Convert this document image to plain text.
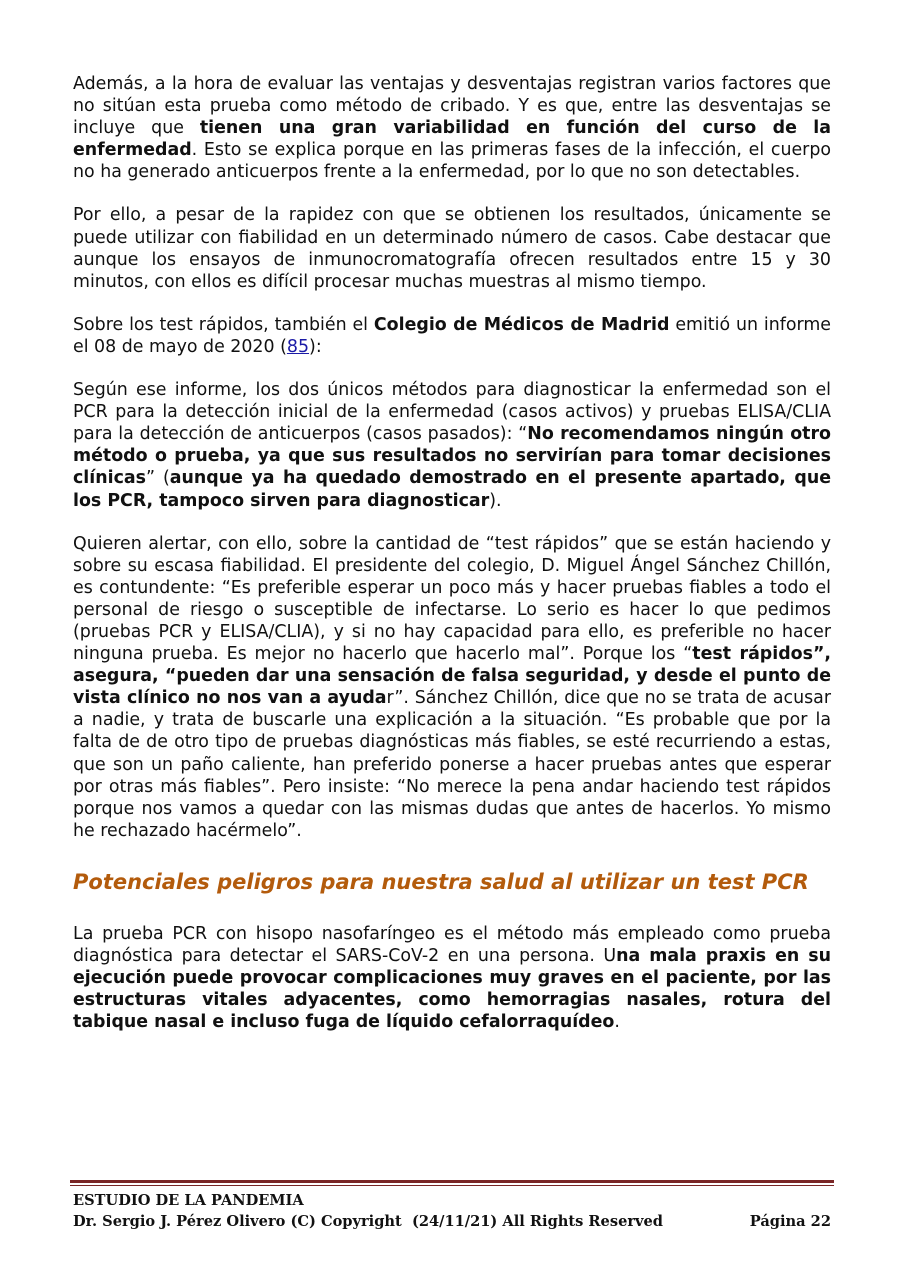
Además, a la hora de evaluar las ventajas y desventajas registran varios factores que no sitúan esta prueba como método de cribado. Y es que, entre las desventajas se incluye que tienen una gran variabilidad en función del curso de la enfermedad. Esto se explica porque en las primeras fases de la infección, el cuerpo no ha generado anticuerpos frente a la enfermedad, por lo que no son detectables.

Por ello, a pesar de la rapidez con que se obtienen los resultados, únicamente se puede utilizar con fiabilidad en un determinado número de casos. Cabe destacar que aunque los ensayos de inmunocromatografía ofrecen resultados entre 15 y 30 minutos, con ellos es difícil procesar muchas muestras al mismo tiempo.

Sobre los test rápidos, también el Colegio de Médicos de Madrid emitió un informe el 08 de mayo de 2020 (85):

Según ese informe, los dos únicos métodos para diagnosticar la enfermedad son el PCR para la detección inicial de la enfermedad (casos activos) y pruebas ELISA/CLIA para la detección de anticuerpos (casos pasados): “No recomendamos ningún otro método o prueba, ya que sus resultados no servirían para tomar decisiones clínicas” (aunque ya ha quedado demostrado en el presente apartado, que los PCR, tampoco sirven para diagnosticar).

Quieren alertar, con ello, sobre la cantidad de “test rápidos” que se están haciendo y sobre su escasa fiabilidad. El presidente del colegio, D. Miguel Ángel Sánchez Chillón, es contundente: “Es preferible esperar un poco más y hacer pruebas fiables a todo el personal de riesgo o susceptible de infectarse. Lo serio es hacer lo que pedimos (pruebas PCR y ELISA/CLIA), y si no hay capacidad para ello, es preferible no hacer ninguna prueba. Es mejor no hacerlo que hacerlo mal”. Porque los “test rápidos”, asegura, “pueden dar una sensación de falsa seguridad, y desde el punto de vista clínico no nos van a ayudar”. Sánchez Chillón, dice que no se trata de acusar a nadie, y trata de buscarle una explicación a la situación. “Es probable que por la falta de de otro tipo de pruebas diagnósticas más fiables, se esté recurriendo a estas, que son un paño caliente, han preferido ponerse a hacer pruebas antes que esperar por otras más fiables”. Pero insiste: “No merece la pena andar haciendo test rápidos porque nos vamos a quedar con las mismas dudas que antes de hacerlos. Yo mismo he rechazado hacérmelo”.

Potenciales peligros para nuestra salud al utilizar un test PCR

La prueba PCR con hisopo nasofaríngeo es el método más empleado como prueba diagnóstica para detectar el SARS-CoV-2 en una persona. Una mala praxis en su ejecución puede provocar complicaciones muy graves en el paciente, por las estructuras vitales adyacentes, como hemorragias nasales, rotura del tabique nasal e incluso fuga de líquido cefalorraquídeo.

ESTUDIO DE LA PANDEMIA
Dr. Sergio J. Pérez Olivero (C) Copyright  (24/11/21) All Rights Reserved	Página 22
